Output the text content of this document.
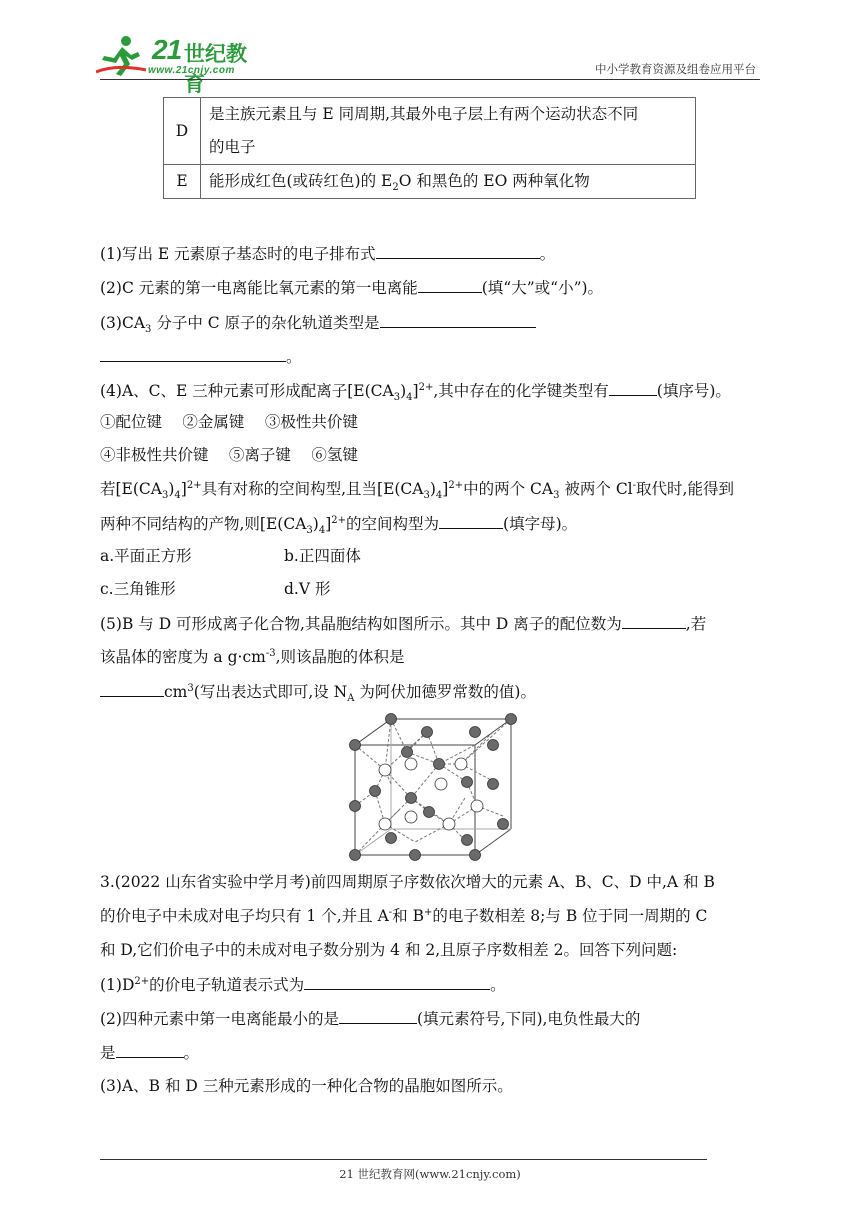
21 世纪教育
www.21cnjy.com	中小学教育资源及组卷应用平台
D	是主族元素且与 E 同周期,其最外电子层上有两个运动状态不同
的电子

E	能形成红色(或砖红色)的 $E_2O$ 和黑色的 EO 两种氧化物
(1)写出 E 元素原子基态时的电子排布式	。
(2)C 元素的第一电离能比氧元素的第一电离能	(填“大”或“小”)。
$(3)CA_3$ 分子中 C 原子的杂化轨道类型是
。
(4)A、C、E 三种元素可形成配离子$[E(CA_3)_4]^{2+}$,其中存在的化学键类型有	(填序号)。
①配位键　 ②金属键　 ③极性共价键
④非极性共价键　 ⑤离子键　 ⑥氢键
若$[E(CA_3)_4]^{2+}$具有对称的空间构型,且当$[E(CA_3)_4]^{2+}$中的两个 $CA_3$ 被两个 Cl-取代时,能得到
两种不同结构的产物,则$[E(CA_3)_4]^{2+}$的空间构型为	(填字母)。
a.平面正方形	b.正四面体
c.三角锥形	d.V 形
(5)B 与 D 可形成离子化合物,其晶胞结构如图所示。其中 D 离子的配位数为	,若
该晶体的密度为 a $g\cdot cm^{-3}$,则该晶胞的体积是
$cm^3$(写出表达式即可,设 $N_A$ 为阿伏加德罗常数的值)。
3.(2022 山东省实验中学月考)前四周期原子序数依次增大的元素 A、B、C、D 中,A 和 B
的价电子中未成对电子均只有 1 个,并且 A-和 B+的电子数相差 8;与 B 位于同一周期的 C
和 D,它们价电子中的未成对电子数分别为 4 和 2,且原子序数相差 2。回答下列问题:
$(1)D^{2+}$的价电子轨道表示式为	。
(2)四种元素中第一电离能最小的是	(填元素符号,下同),电负性最大的
是	。
(3)A、B 和 D 三种元素形成的一种化合物的晶胞如图所示。
21 世纪教育网(www.21cnjy.com)
